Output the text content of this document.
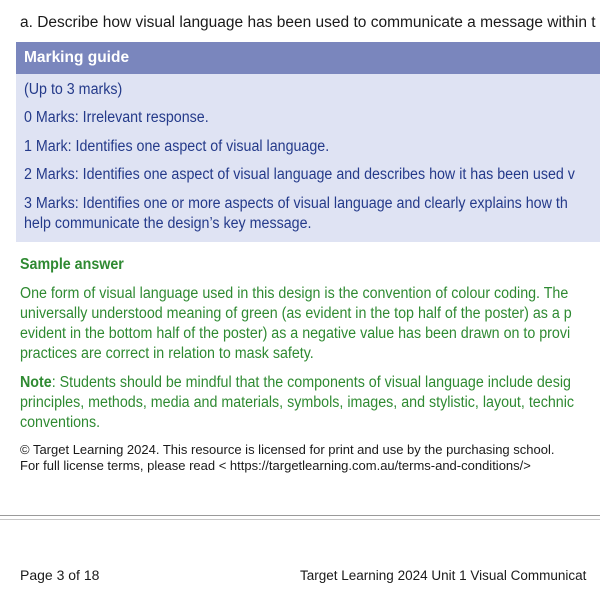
a. Describe how visual language has been used to communicate a message within t
Marking guide
(Up to 3 marks)
0 Marks: Irrelevant response.
1 Mark: Identifies one aspect of visual language.
2 Marks: Identifies one aspect of visual language and describes how it has been used v
3 Marks: Identifies one or more aspects of visual language and clearly explains how th
help communicate the design’s key message.
Sample answer
One form of visual language used in this design is the convention of colour coding. The
universally understood meaning of green (as evident in the top half of the poster) as a p
evident in the bottom half of the poster) as a negative value has been drawn on to provi
practices are correct in relation to mask safety.
Note: Students should be mindful that the components of visual language include desig
principles, methods, media and materials, symbols, images, and stylistic, layout, technic
conventions.
© Target Learning 2024. This resource is licensed for print and use by the purchasing school.
For full license terms, please read < https://targetlearning.com.au/terms-and-conditions/>
Page 3 of 18	Target Learning 2024 Unit 1 Visual Communicat
